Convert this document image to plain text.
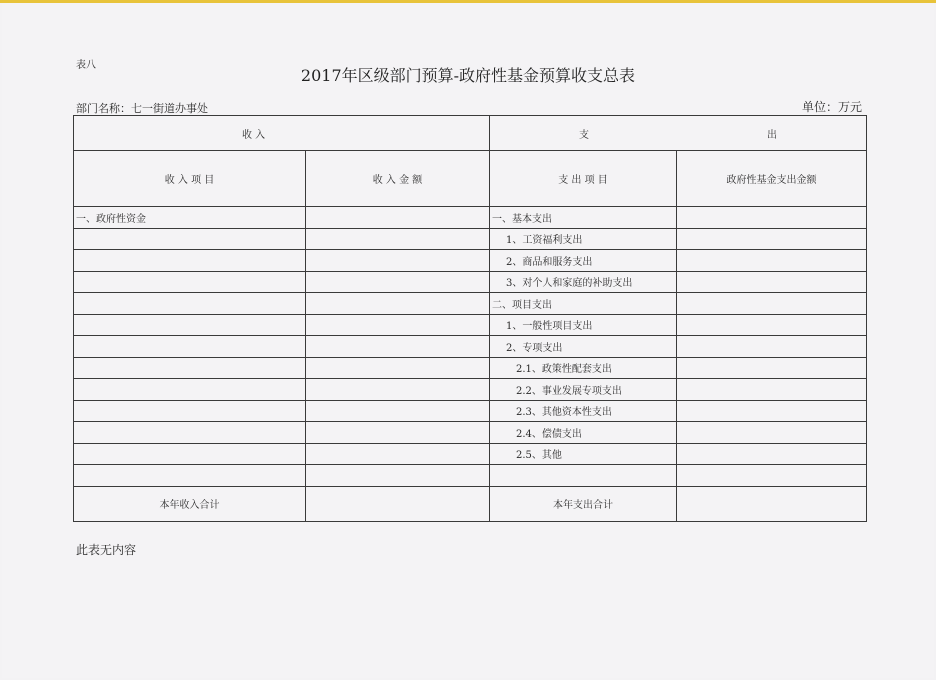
表八
2017年区级部门预算-政府性基金预算收支总表
部门名称：七一街道办事处	单位：万元
收 入		支 出	
收 入 项 目	收 入 金 额	支 出 项 目	政府性基金支出金额
一、政府性资金		一、基本支出	
		1、工资福利支出	
		2、商品和服务支出	
		3、对个人和家庭的补助支出	
		二、项目支出	
		1、一般性项目支出	
		2、专项支出	
		2.1、政策性配套支出	
		2.2、事业发展专项支出	
		2.3、其他资本性支出	
		2.4、偿债支出	
		2.5、其他	

本年收入合计		本年支出合计	
此表无内容
